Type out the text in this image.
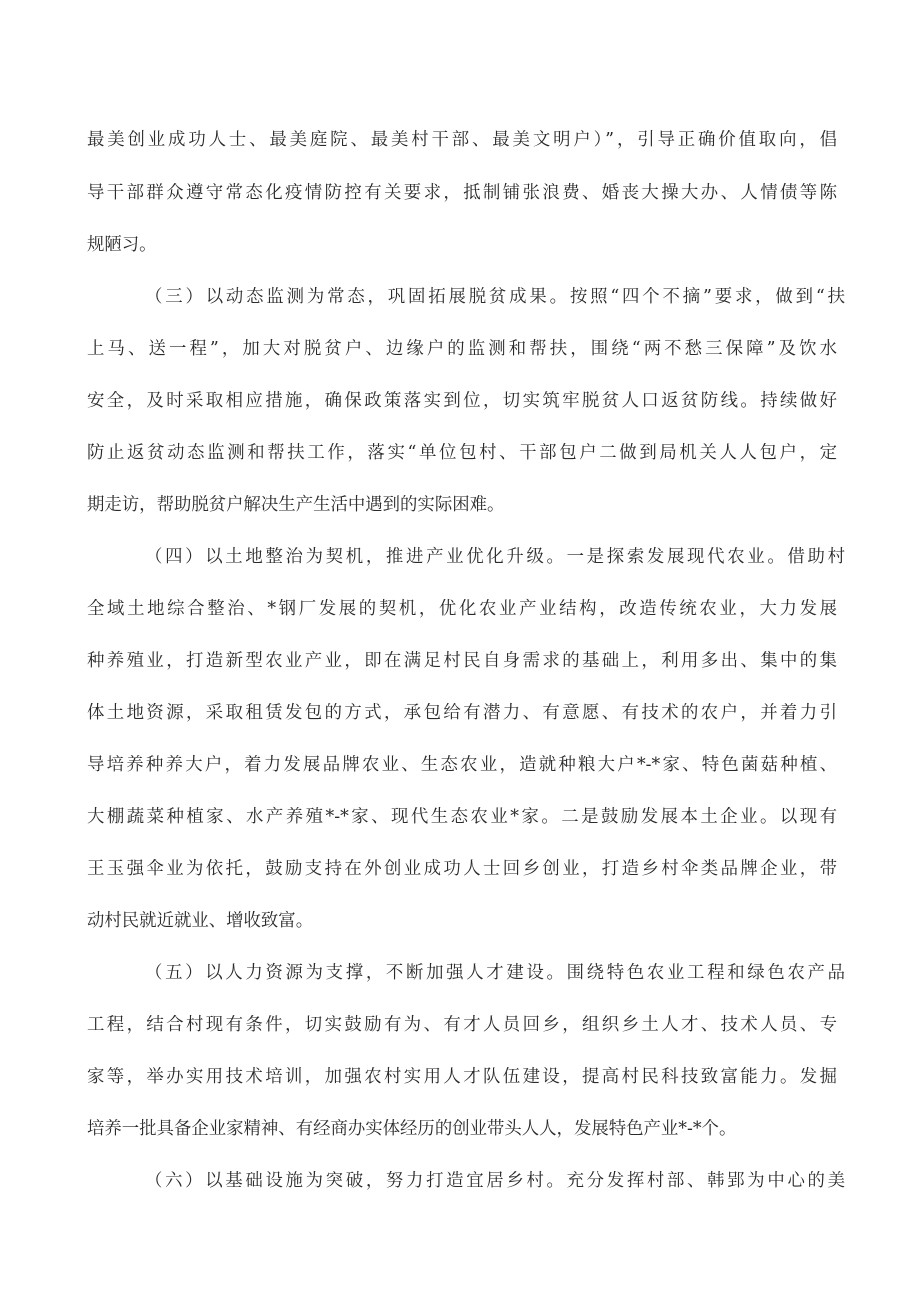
最美创业成功人士、最美庭院、最美村干部、最美文明户）”，引导正确价值取向，倡
导干部群众遵守常态化疫情防控有关要求，抵制铺张浪费、婚丧大操大办、人情债等陈
规陋习。
（三）以动态监测为常态，巩固拓展脱贫成果。按照“四个不摘”要求，做到“扶
上马、送一程”，加大对脱贫户、边缘户的监测和帮扶，围绕“两不愁三保障”及饮水
安全，及时采取相应措施，确保政策落实到位，切实筑牢脱贫人口返贫防线。持续做好
防止返贫动态监测和帮扶工作，落实“单位包村、干部包户二做到局机关人人包户，定
期走访，帮助脱贫户解决生产生活中遇到的实际困难。
（四）以土地整治为契机，推进产业优化升级。一是探索发展现代农业。借助村
全域土地综合整治、*钢厂发展的契机，优化农业产业结构，改造传统农业，大力发展
种养殖业，打造新型农业产业，即在满足村民自身需求的基础上，利用多出、集中的集
体土地资源，采取租赁发包的方式，承包给有潜力、有意愿、有技术的农户，并着力引
导培养种养大户，着力发展品牌农业、生态农业，造就种粮大户*-*家、特色菌菇种植、
大棚蔬菜种植家、水产养殖*-*家、现代生态农业*家。二是鼓励发展本土企业。以现有
王玉强伞业为依托，鼓励支持在外创业成功人士回乡创业，打造乡村伞类品牌企业，带
动村民就近就业、增收致富。
（五）以人力资源为支撑，不断加强人才建设。围绕特色农业工程和绿色农产品
工程，结合村现有条件，切实鼓励有为、有才人员回乡，组织乡土人才、技术人员、专
家等，举办实用技术培训，加强农村实用人才队伍建设，提高村民科技致富能力。发掘
培养一批具备企业家精神、有经商办实体经历的创业带头人人，发展特色产业*-*个。
（六）以基础设施为突破，努力打造宜居乡村。充分发挥村部、韩郢为中心的美
